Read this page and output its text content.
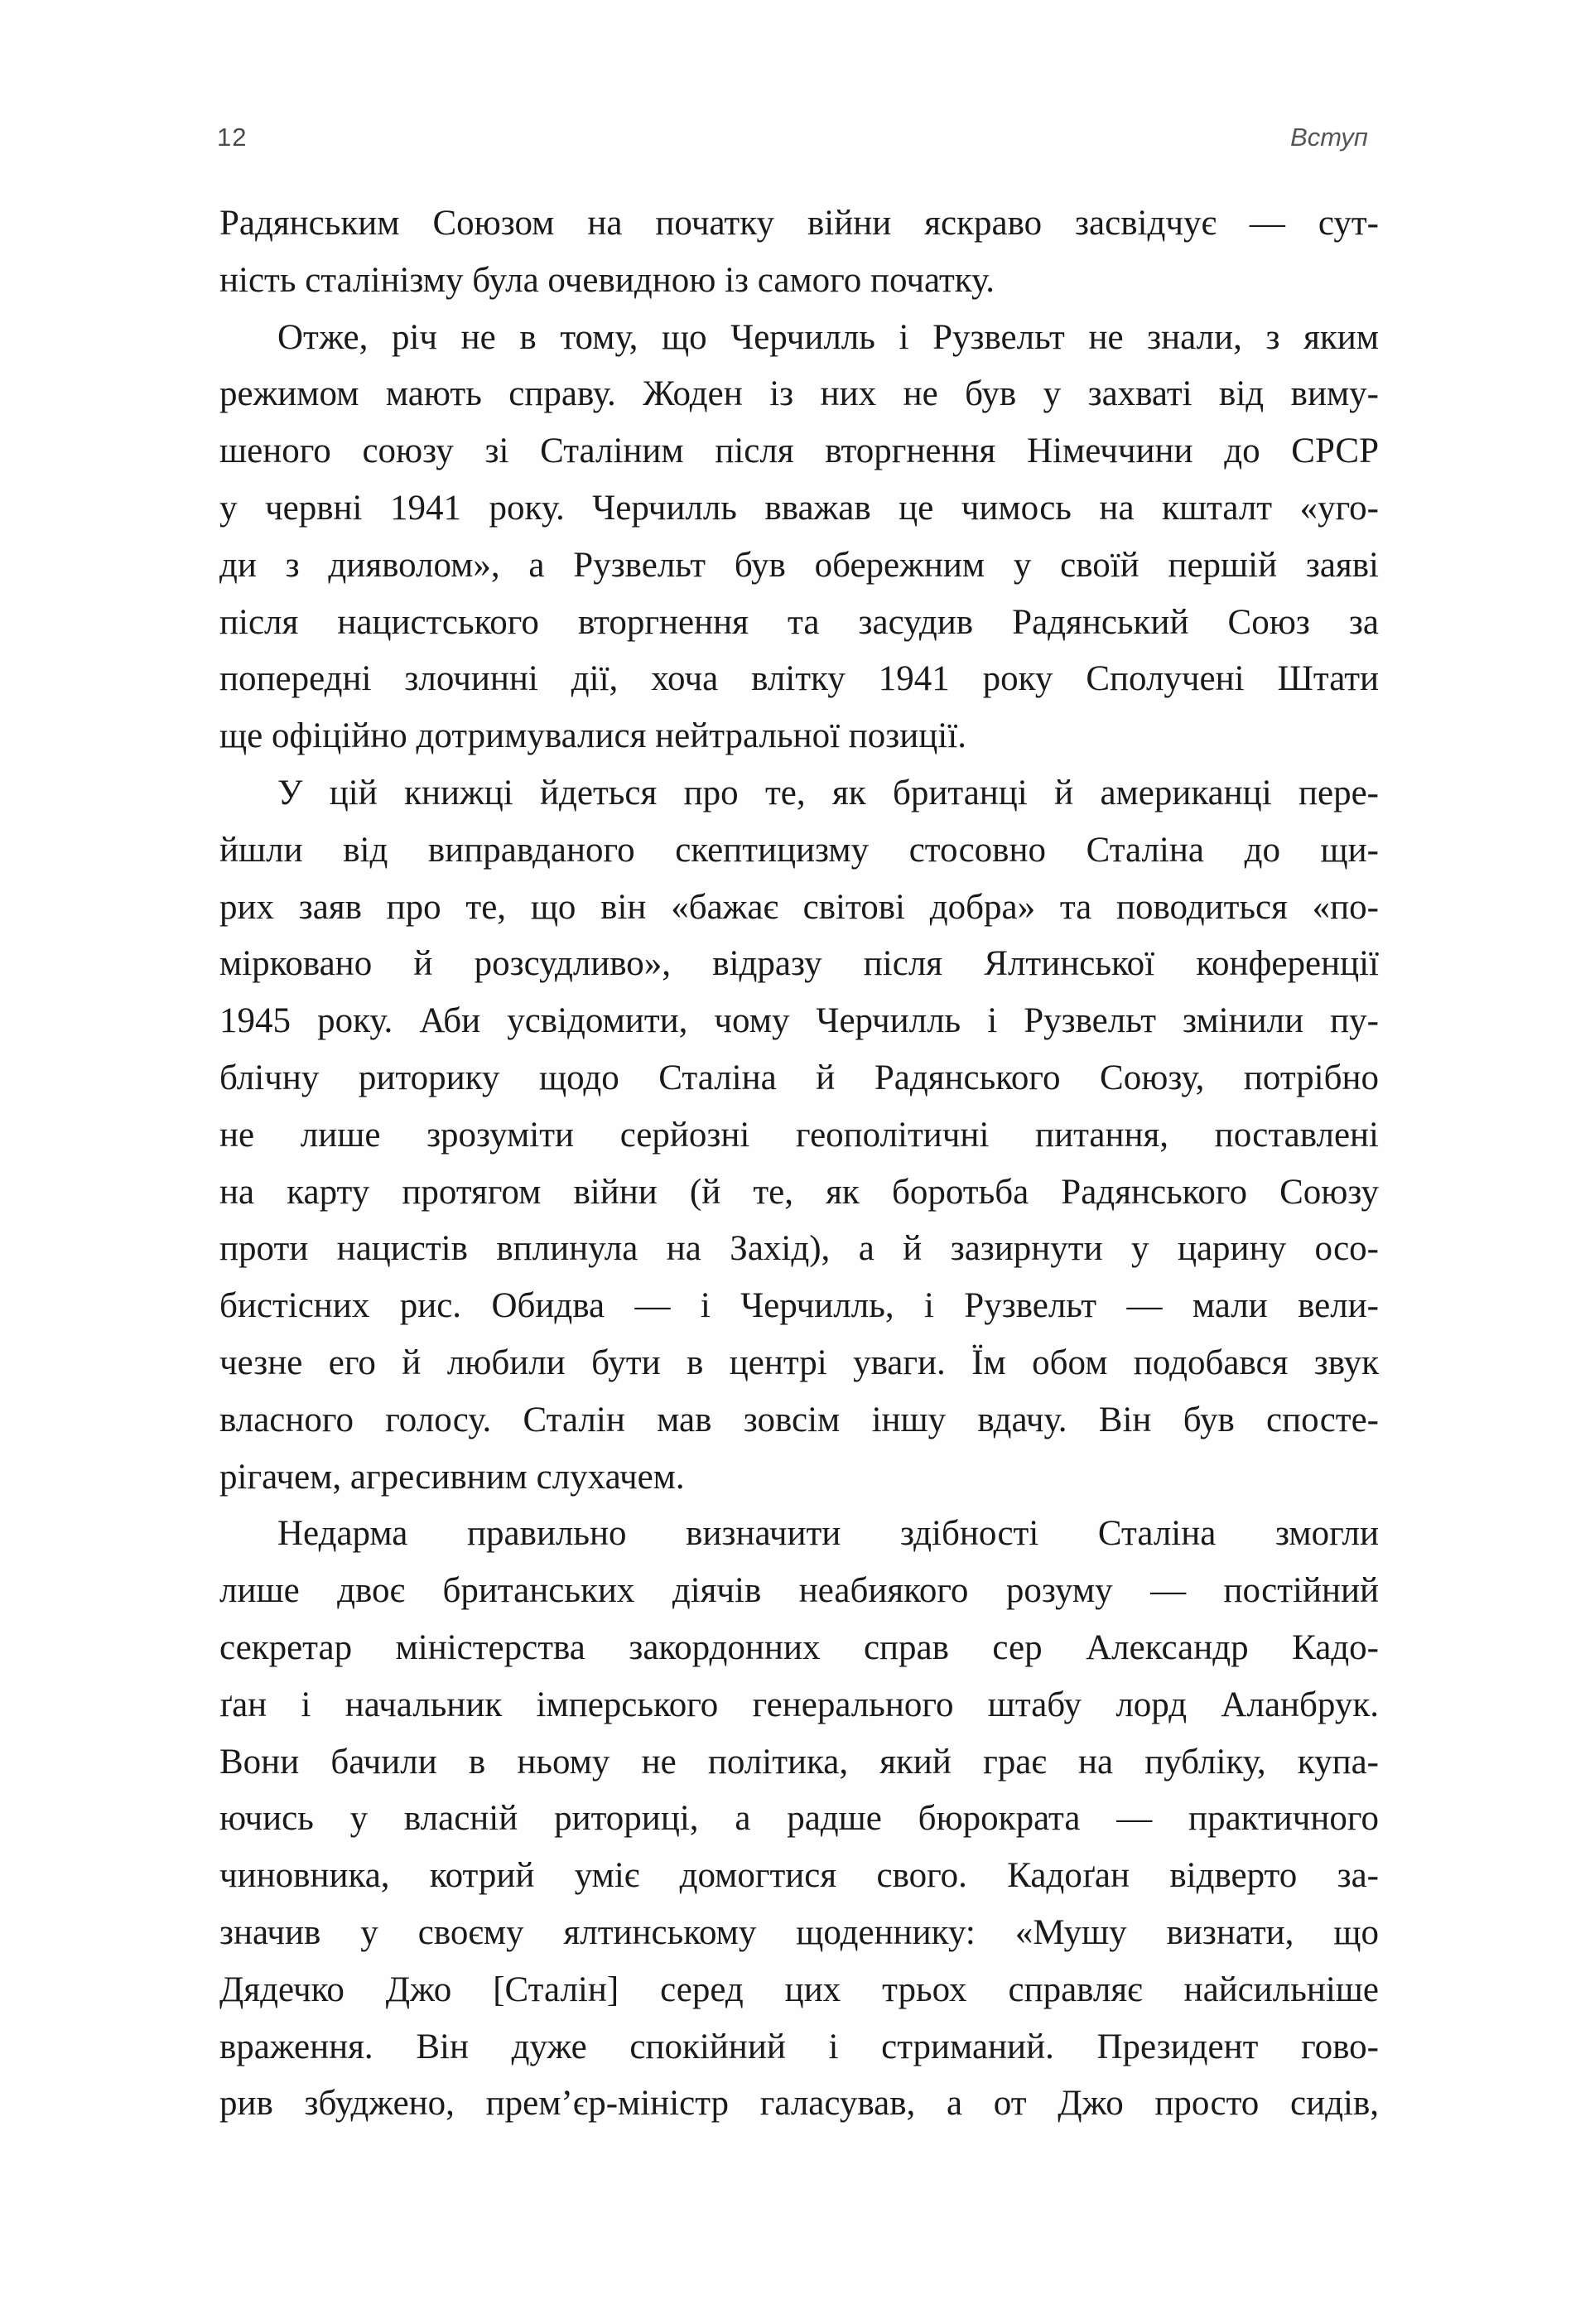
12	Вступ
Радянським Союзом на початку війни яскраво засвідчує — сут-
ність сталінізму була очевидною із самого початку.
Отже, річ не в тому, що Черчилль і Рузвельт не знали, з яким
режимом мають справу. Жоден із них не був у захваті від виму-
шеного союзу зі Сталіним після вторгнення Німеччини до СРСР
у червні 1941 року. Черчилль вважав це чимось на кшталт «уго-
ди з дияволом», а Рузвельт був обережним у своїй першій заяві
після нацистського вторгнення та засудив Радянський Союз за
попередні злочинні дії, хоча влітку 1941 року Сполучені Штати
ще офіційно дотримувалися нейтральної позиції.
У цій книжці йдеться про те, як британці й американці пере-
йшли від виправданого скептицизму стосовно Сталіна до щи-
рих заяв про те, що він «бажає світові добра» та поводиться «по-
мірковано й розсудливо», відразу після Ялтинської конференції
1945 року. Аби усвідомити, чому Черчилль і Рузвельт змінили пу-
блічну риторику щодо Сталіна й Радянського Союзу, потрібно
не лише зрозуміти серйозні геополітичні питання, поставлені
на карту протягом війни (й те, як боротьба Радянського Союзу
проти нацистів вплинула на Захід), а й зазирнути у царину осо-
бистісних рис. Обидва — і Черчилль, і Рузвельт — мали вели-
чезне его й любили бути в центрі уваги. Їм обом подобався звук
власного голосу. Сталін мав зовсім іншу вдачу. Він був спосте-
рігачем, агресивним слухачем.
Недарма правильно визначити здібності Сталіна змогли
лише двоє британських діячів неабиякого розуму — постійний
секретар міністерства закордонних справ сер Александр Кадо-
ґан і начальник імперського генерального штабу лорд Аланбрук.
Вони бачили в ньому не політика, який грає на публіку, купа-
ючись у власній риториці, а радше бюрократа — практичного
чиновника, котрий уміє домогтися свого. Кадоґан відверто за-
значив у своєму ялтинському щоденнику: «Мушу визнати, що
Дядечко Джо [Сталін] серед цих трьох справляє найсильніше
враження. Він дуже спокійний і стриманий. Президент гово-
рив збуджено, прем’єр-міністр галасував, а от Джо просто сидів,
